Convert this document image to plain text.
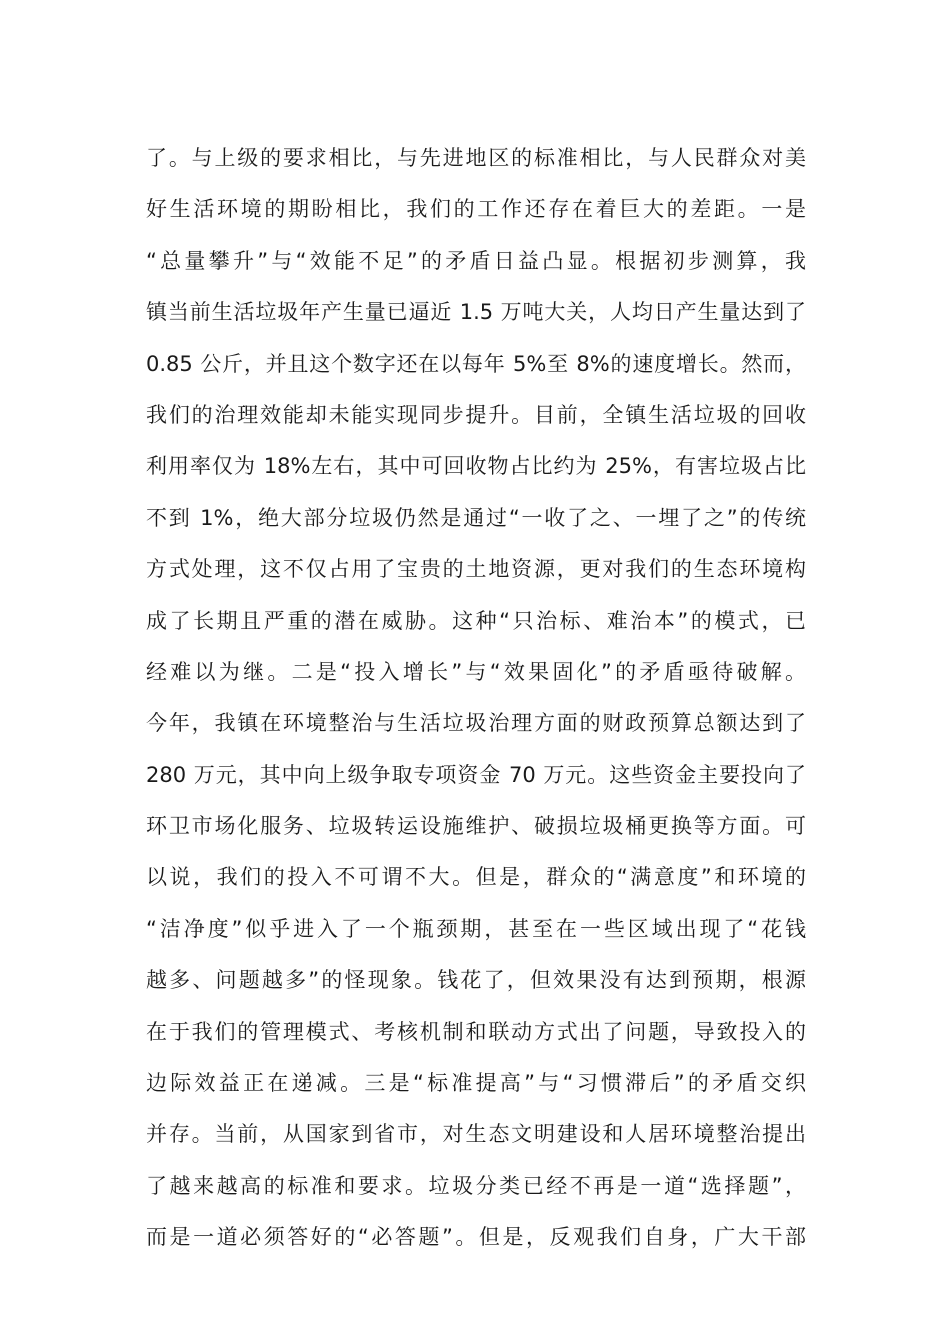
了。与上级的要求相比，与先进地区的标准相比，与人民群众对美
好生活环境的期盼相比，我们的工作还存在着巨大的差距。一是
“总量攀升”与“效能不足”的矛盾日益凸显。根据初步测算，我
镇当前生活垃圾年产生量已逼近 1.5 万吨大关，人均日产生量达到了
0.85 公斤，并且这个数字还在以每年 5%至 8%的速度增长。然而，
我们的治理效能却未能实现同步提升。目前，全镇生活垃圾的回收
利用率仅为 18%左右，其中可回收物占比约为 25%，有害垃圾占比
不到 1%，绝大部分垃圾仍然是通过“一收了之、一埋了之”的传统
方式处理，这不仅占用了宝贵的土地资源，更对我们的生态环境构
成了长期且严重的潜在威胁。这种“只治标、难治本”的模式，已
经难以为继。二是“投入增长”与“效果固化”的矛盾亟待破解。
今年，我镇在环境整治与生活垃圾治理方面的财政预算总额达到了
280 万元，其中向上级争取专项资金 70 万元。这些资金主要投向了
环卫市场化服务、垃圾转运设施维护、破损垃圾桶更换等方面。可
以说，我们的投入不可谓不大。但是，群众的“满意度”和环境的
“洁净度”似乎进入了一个瓶颈期，甚至在一些区域出现了“花钱
越多、问题越多”的怪现象。钱花了，但效果没有达到预期，根源
在于我们的管理模式、考核机制和联动方式出了问题，导致投入的
边际效益正在递减。三是“标准提高”与“习惯滞后”的矛盾交织
并存。当前，从国家到省市，对生态文明建设和人居环境整治提出
了越来越高的标准和要求。垃圾分类已经不再是一道“选择题”，
而是一道必须答好的“必答题”。但是，反观我们自身，广大干部
